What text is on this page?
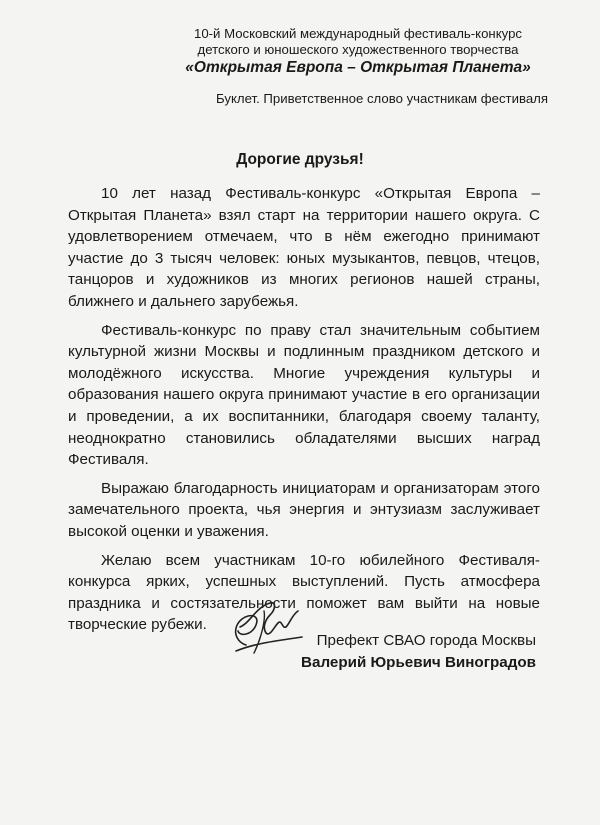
10-й Московский международный фестиваль-конкурс
детского и юношеского художественного творчества
«Открытая Европа – Открытая Планета»
Буклет. Приветственное слово участникам фестиваля
Дорогие друзья!

10 лет назад Фестиваль-конкурс «Открытая Европа – Открытая Планета» взял старт на территории нашего округа. С удовлетворением отмечаем, что в нём ежегодно принимают участие до 3 тысяч человек: юных музыкантов, певцов, чтецов, танцоров и художников из многих регионов нашей страны, ближнего и дальнего зарубежья.

Фестиваль-конкурс по праву стал значительным событием культурной жизни Москвы и подлинным праздником детского и молодёжного искусства. Многие учреждения культуры и образования нашего округа принимают участие в его организации и проведении, а их воспитанники, благодаря своему таланту, неоднократно становились обладателями высших наград Фестиваля.

Выражаю благодарность инициаторам и организаторам этого замечательного проекта, чья энергия и энтузиазм заслуживает высокой оценки и уважения.

Желаю всем участникам 10-го юбилейного Фестиваля-конкурса ярких, успешных выступлений. Пусть атмосфера праздника и состязательности поможет вам выйти на новые творческие рубежи.

Префект СВАО города Москвы
Валерий Юрьевич Виноградов
